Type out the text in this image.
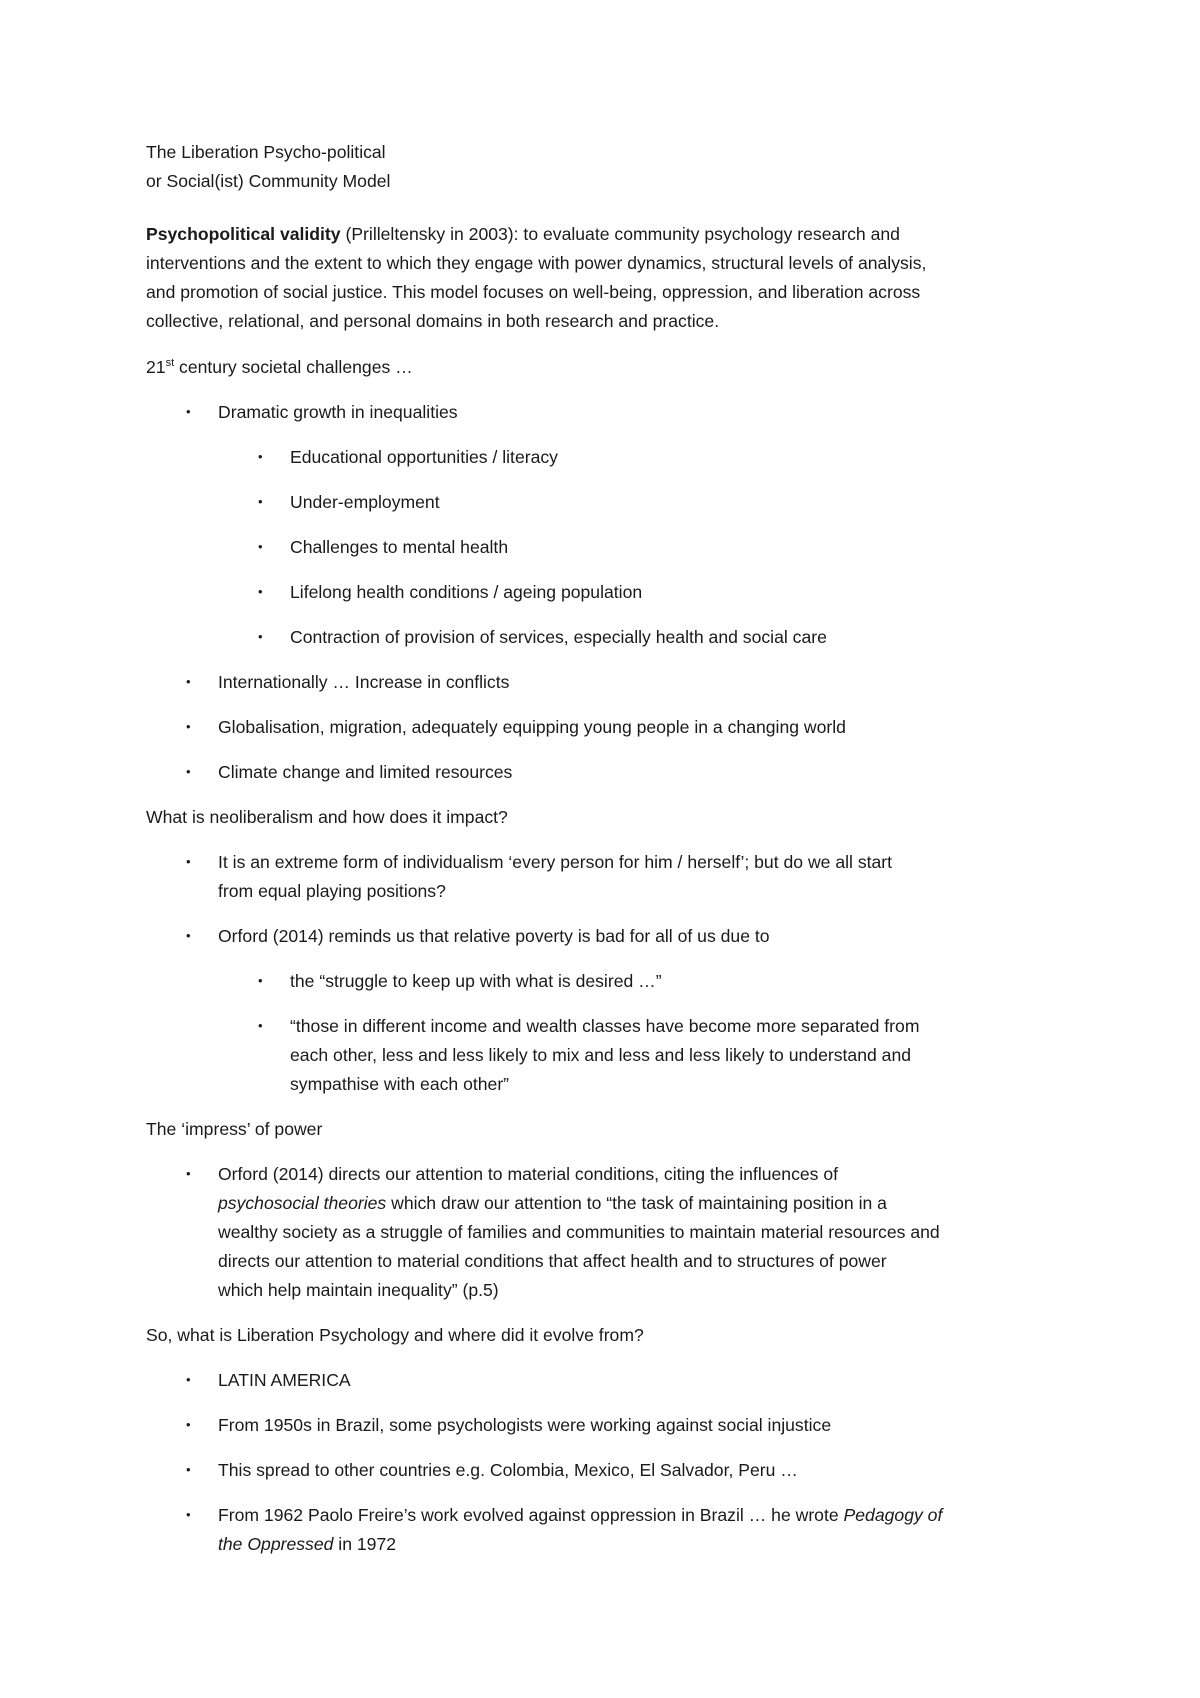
The Liberation Psycho-political
or Social(ist) Community Model
Psychopolitical validity (Prilleltensky in 2003): to evaluate community psychology research and
interventions and the extent to which they engage with power dynamics, structural levels of analysis,
and promotion of social justice. This model focuses on well-being, oppression, and liberation across
collective, relational, and personal domains in both research and practice.
21st century societal challenges …
• Dramatic growth in inequalities
• Educational opportunities / literacy
• Under-employment
• Challenges to mental health
• Lifelong health conditions / ageing population
• Contraction of provision of services, especially health and social care
• Internationally … Increase in conflicts
• Globalisation, migration, adequately equipping young people in a changing world
• Climate change and limited resources
What is neoliberalism and how does it impact?
• It is an extreme form of individualism ‘every person for him / herself’; but do we all start
from equal playing positions?
• Orford (2014) reminds us that relative poverty is bad for all of us due to
• the “struggle to keep up with what is desired …”
• “those in different income and wealth classes have become more separated from
each other, less and less likely to mix and less and less likely to understand and
sympathise with each other”
The ‘impress’ of power
• Orford (2014) directs our attention to material conditions, citing the influences of
psychosocial theories which draw our attention to “the task of maintaining position in a
wealthy society as a struggle of families and communities to maintain material resources and
directs our attention to material conditions that affect health and to structures of power
which help maintain inequality” (p.5)
So, what is Liberation Psychology and where did it evolve from?
• LATIN AMERICA
• From 1950s in Brazil, some psychologists were working against social injustice
• This spread to other countries e.g. Colombia, Mexico, El Salvador, Peru …
• From 1962 Paolo Freire’s work evolved against oppression in Brazil … he wrote Pedagogy of
the Oppressed in 1972
